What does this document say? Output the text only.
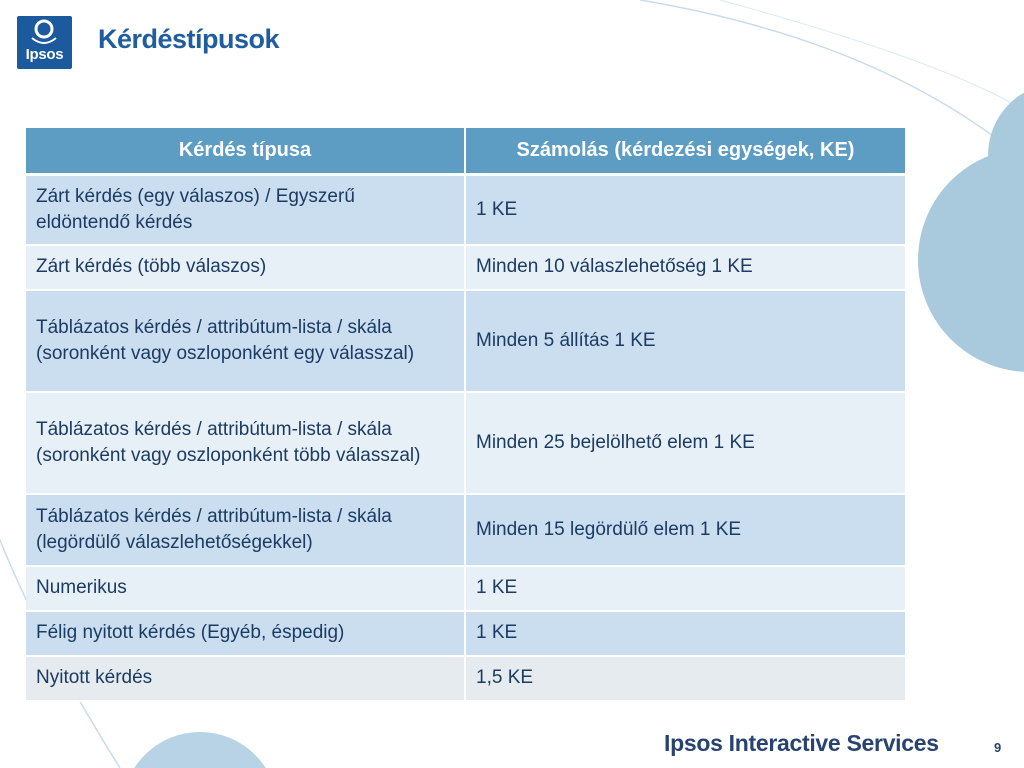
Ipsos
Kérdéstípusok
Kérdés típusa	Számolás (kérdezési egységek, KE)
Zárt kérdés (egy válaszos) / Egyszerű eldöntendő kérdés	1 KE
Zárt kérdés (több válaszos)	Minden 10 válaszlehetőség 1 KE
Táblázatos kérdés / attribútum-lista / skála (soronként vagy oszloponként egy válasszal)	Minden 5 állítás 1 KE
Táblázatos kérdés / attribútum-lista / skála (soronként vagy oszloponként több válasszal)	Minden 25 bejelölhető elem 1 KE
Táblázatos kérdés / attribútum-lista / skála (legördülő válaszlehetőségekkel)	Minden 15 legördülő elem 1 KE
Numerikus	1 KE
Félig nyitott kérdés (Egyéb, éspedig)	1 KE
Nyitott kérdés	1,5 KE
Ipsos Interactive Services	9
